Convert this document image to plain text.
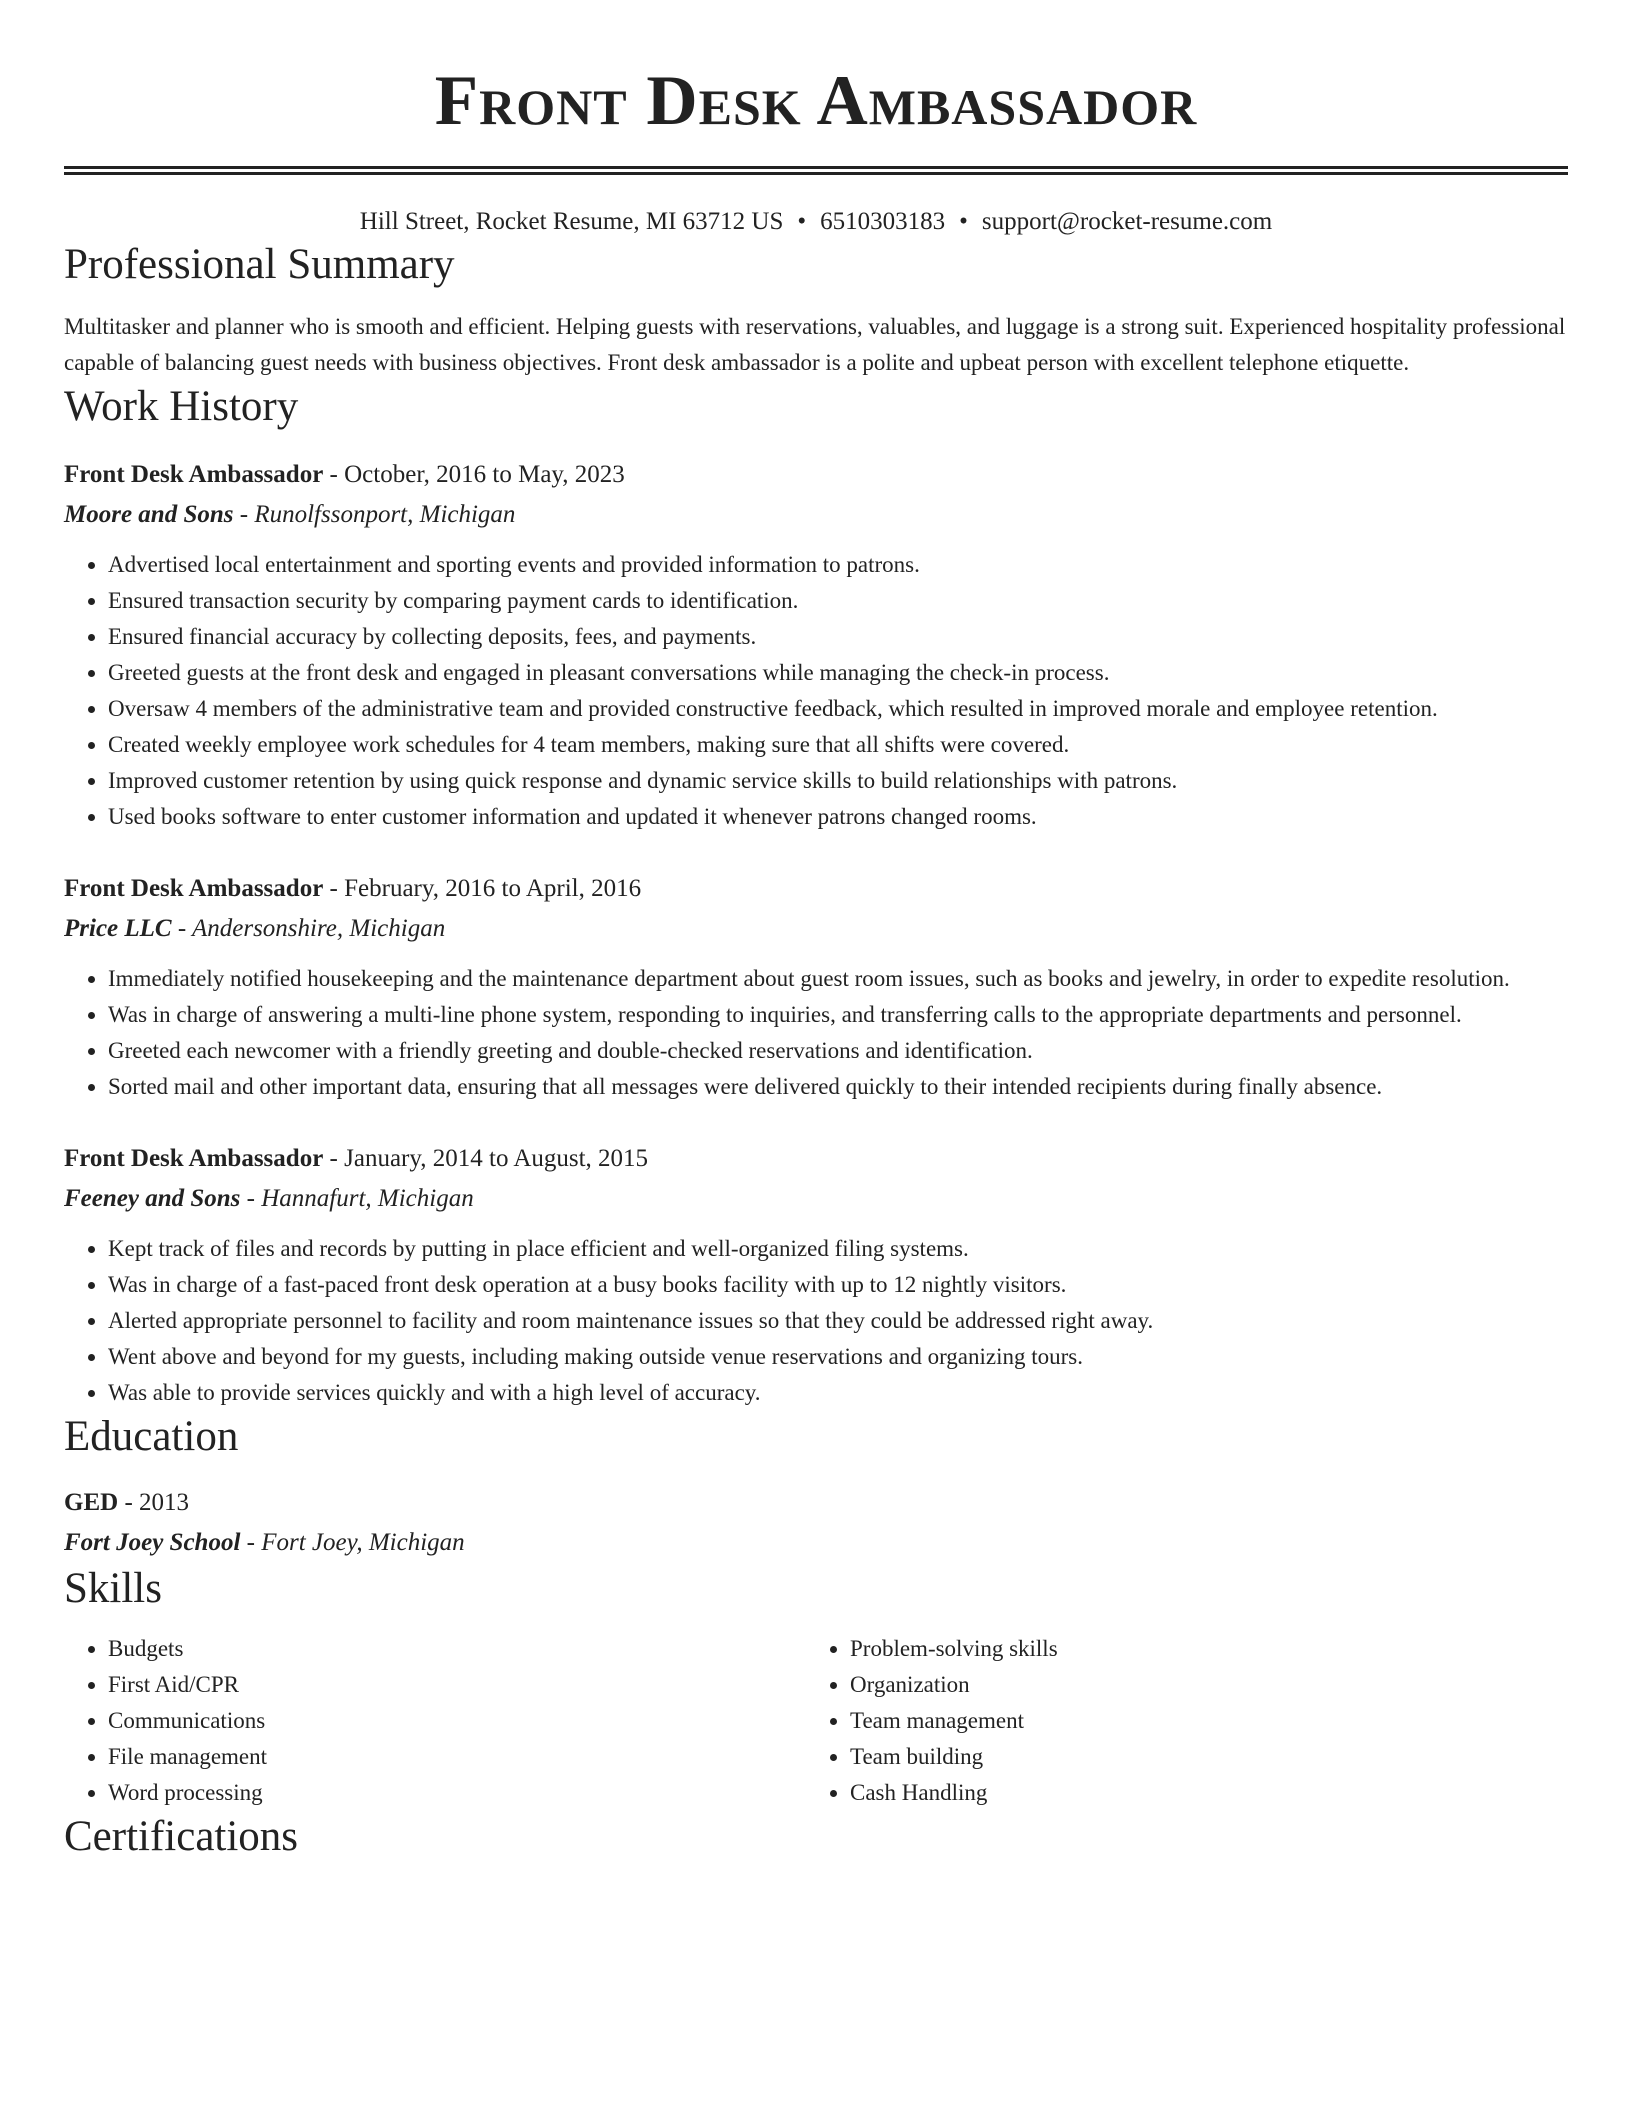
Front Desk Ambassador
Hill Street, Rocket Resume, MI 63712 US • 6510303183 • support@rocket-resume.com
Professional Summary

Multitasker and planner who is smooth and efficient. Helping guests with reservations, valuables, and luggage is a strong suit. Experienced hospitality professional capable of balancing guest needs with business objectives. Front desk ambassador is a polite and upbeat person with excellent telephone etiquette.

Work History
Front Desk Ambassador - October, 2016 to May, 2023
Moore and Sons - Runolfssonport, Michigan
• Advertised local entertainment and sporting events and provided information to patrons.
• Ensured transaction security by comparing payment cards to identification.
• Ensured financial accuracy by collecting deposits, fees, and payments.
• Greeted guests at the front desk and engaged in pleasant conversations while managing the check-in process.
• Oversaw 4 members of the administrative team and provided constructive feedback, which resulted in improved morale and employee retention.
• Created weekly employee work schedules for 4 team members, making sure that all shifts were covered.
• Improved customer retention by using quick response and dynamic service skills to build relationships with patrons.
• Used books software to enter customer information and updated it whenever patrons changed rooms.
Front Desk Ambassador - February, 2016 to April, 2016
Price LLC - Andersonshire, Michigan
• Immediately notified housekeeping and the maintenance department about guest room issues, such as books and jewelry, in order to expedite resolution.
• Was in charge of answering a multi-line phone system, responding to inquiries, and transferring calls to the appropriate departments and personnel.
• Greeted each newcomer with a friendly greeting and double-checked reservations and identification.
• Sorted mail and other important data, ensuring that all messages were delivered quickly to their intended recipients during finally absence.
Front Desk Ambassador - January, 2014 to August, 2015
Feeney and Sons - Hannafurt, Michigan
• Kept track of files and records by putting in place efficient and well-organized filing systems.
• Was in charge of a fast-paced front desk operation at a busy books facility with up to 12 nightly visitors.
• Alerted appropriate personnel to facility and room maintenance issues so that they could be addressed right away.
• Went above and beyond for my guests, including making outside venue reservations and organizing tours.
• Was able to provide services quickly and with a high level of accuracy.
Education
GED - 2013
Fort Joey School - Fort Joey, Michigan
Skills
• Budgets
• First Aid/CPR
• Communications
• File management
• Word processing
• Problem-solving skills
• Organization
• Team management
• Team building
• Cash Handling
Certifications
